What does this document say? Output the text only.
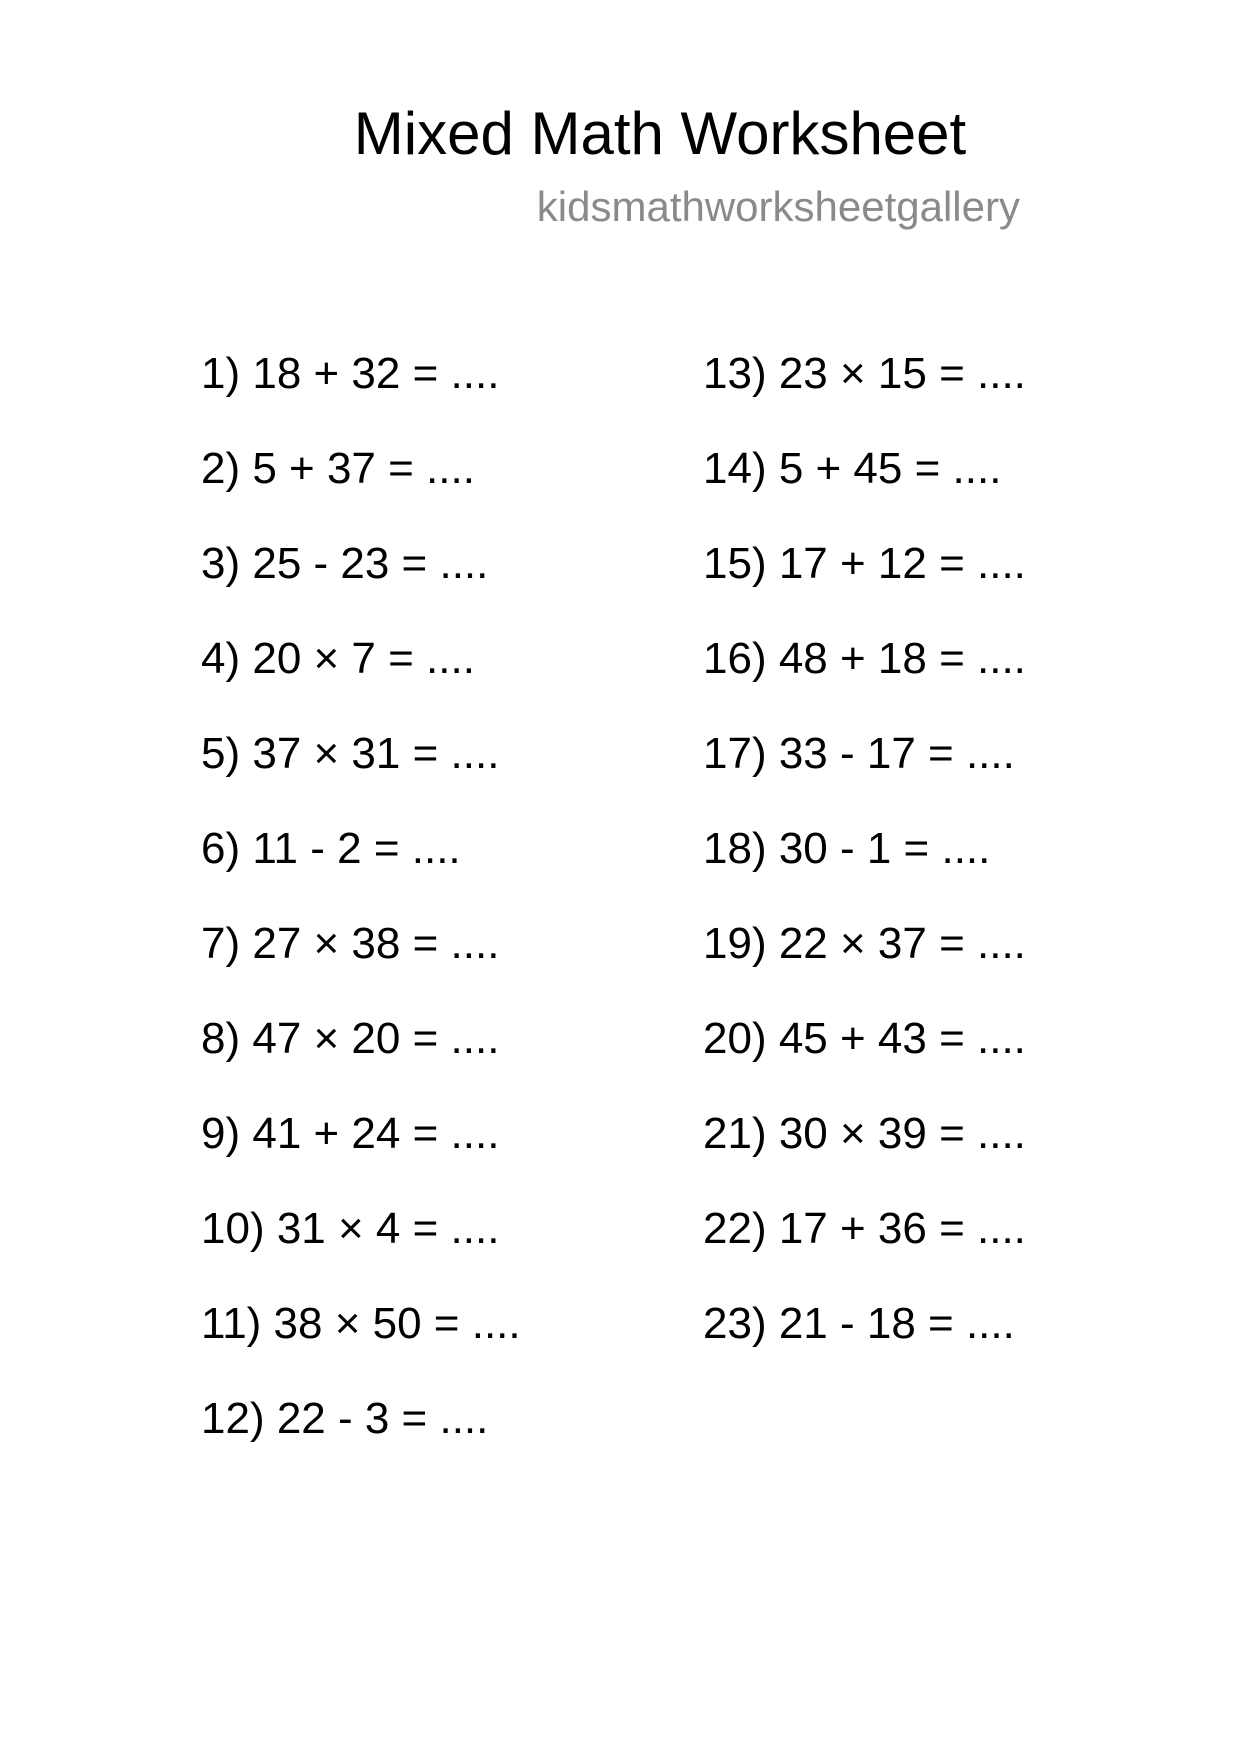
Mixed Math Worksheet
kidsmathworksheetgallery
1) 18 + 32 = ....
2) 5 + 37 = ....
3) 25 - 23 = ....
4) 20 × 7 = ....
5) 37 × 31 = ....
6) 11 - 2 = ....
7) 27 × 38 = ....
8) 47 × 20 = ....
9) 41 + 24 = ....
10) 31 × 4 = ....
11) 38 × 50 = ....
12) 22 - 3 = ....
13) 23 × 15 = ....
14) 5 + 45 = ....
15) 17 + 12 = ....
16) 48 + 18 = ....
17) 33 - 17 = ....
18) 30 - 1 = ....
19) 22 × 37 = ....
20) 45 + 43 = ....
21) 30 × 39 = ....
22) 17 + 36 = ....
23) 21 - 18 = ....
